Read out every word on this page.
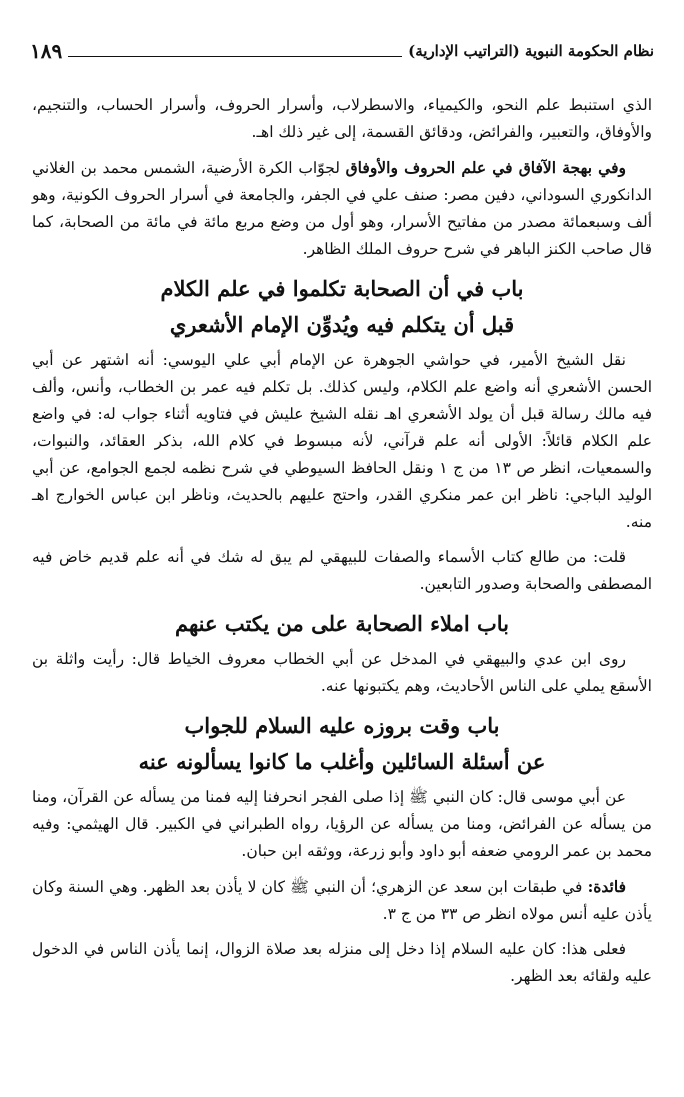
نظام الحكومة النبوية (التراتيب الإدارية)
١٨٩

الذي استنبط علم النحو، والكيمياء، والاسطرلاب، وأسرار الحروف، وأسرار الحساب، والتنجيم، والأوفاق، والتعبير، والفرائض، ودقائق القسمة، إلى غير ذلك اهـ.

وفي بهجة الآفاق في علم الحروف والأوفاق لجوّاب الكرة الأرضية، الشمس محمد بن الغلاني الدانكوري السوداني، دفين مصر: صنف علي في الجفر، والجامعة في أسرار الحروف الكونية، وهو ألف وسبعمائة مصدر من مفاتيح الأسرار، وهو أول من وضع مربع مائة في مائة من الصحابة، كما قال صاحب الكنز الباهر في شرح حروف الملك الظاهر.

باب في أن الصحابة تكلموا في علم الكلام
قبل أن يتكلم فيه ويُدوِّن الإمام الأشعري

نقل الشيخ الأمير، في حواشي الجوهرة عن الإمام أبي علي اليوسي: أنه اشتهر عن أبي الحسن الأشعري أنه واضع علم الكلام، وليس كذلك. بل تكلم فيه عمر بن الخطاب، وأنس، وألف فيه مالك رسالة قبل أن يولد الأشعري اهـ نقله الشيخ عليش في فتاويه أثناء جواب له: في واضع علم الكلام قائلاً: الأولى أنه علم قرآني، لأنه مبسوط في كلام الله، بذكر العقائد، والنبوات، والسمعيات، انظر ص ١٣ من ج ١ ونقل الحافظ السيوطي في شرح نظمه لجمع الجوامع، عن أبي الوليد الباجي: ناظر ابن عمر منكري القدر، واحتج عليهم بالحديث، وناظر ابن عباس الخوارج اهـ منه.

قلت: من طالع كتاب الأسماء والصفات للبيهقي لم يبق له شك في أنه علم قديم خاض فيه المصطفى والصحابة وصدور التابعين.

باب املاء الصحابة على من يكتب عنهم

روى ابن عدي والبيهقي في المدخل عن أبي الخطاب معروف الخياط قال: رأيت واثلة بن الأسقع يملي على الناس الأحاديث، وهم يكتبونها عنه.

باب وقت بروزه عليه السلام للجواب
عن أسئلة السائلين وأغلب ما كانوا يسألونه عنه

عن أبي موسى قال: كان النبي ﷺ إذا صلى الفجر انحرفنا إليه فمنا من يسأله عن القرآن، ومنا من يسأله عن الفرائض، ومنا من يسأله عن الرؤيا، رواه الطبراني في الكبير. قال الهيثمي: وفيه محمد بن عمر الرومي ضعفه أبو داود وأبو زرعة، ووثقه ابن حبان.

فائدة: في طبقات ابن سعد عن الزهري؛ أن النبي ﷺ كان لا يأذن بعد الظهر. وهي السنة وكان يأذن عليه أنس مولاه انظر ص ٣٣ من ج ٣.

فعلى هذا: كان عليه السلام إذا دخل إلى منزله بعد صلاة الزوال، إنما يأذن الناس في الدخول عليه ولقائه بعد الظهر.
